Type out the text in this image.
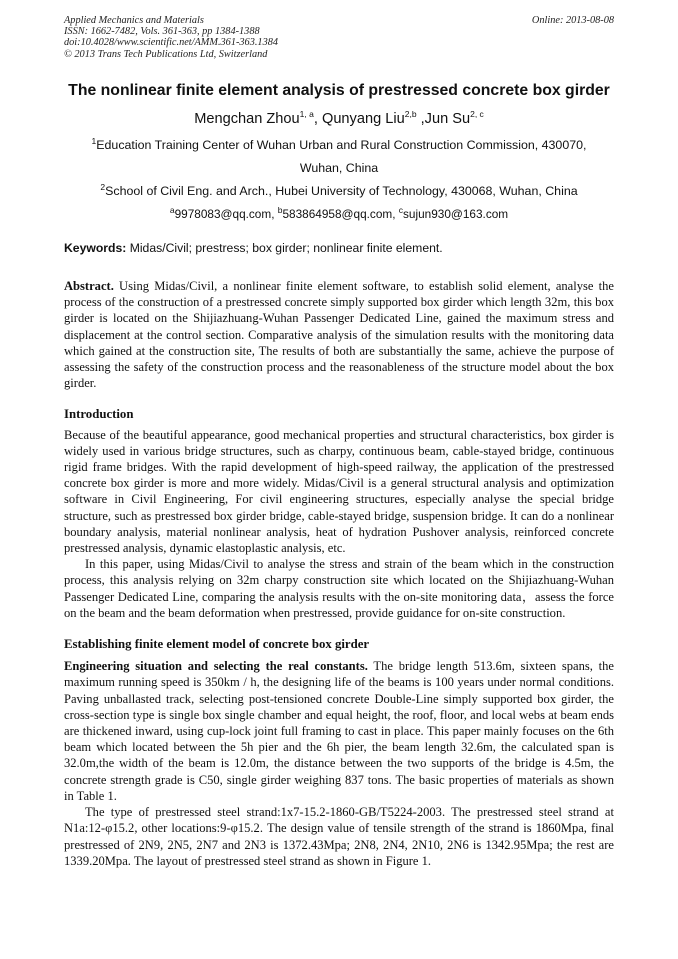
Applied Mechanics and Materials
ISSN: 1662-7482, Vols. 361-363, pp 1384-1388
doi:10.4028/www.scientific.net/AMM.361-363.1384
© 2013 Trans Tech Publications Ltd, Switzerland
Online: 2013-08-08
The nonlinear finite element analysis of prestressed concrete box girder
Mengchan Zhou$^{1, a}$, Qunyang Liu$^{2,b}$ ,Jun Su$^{2, c}$
$^1$Education Training Center of Wuhan Urban and Rural Construction Commission, 430070,
Wuhan, China
$^2$School of Civil Eng. and Arch., Hubei University of Technology, 430068, Wuhan, China
$^a$9978083@qq.com, $^b$583864958@qq.com, $^c$sujun930@163.com
Keywords: Midas/Civil; prestress; box girder; nonlinear finite element.
Abstract. Using Midas/Civil, a nonlinear finite element software, to establish solid element, analyse the process of the construction of a prestressed concrete simply supported box girder which length 32m, this box girder is located on the Shijiazhuang-Wuhan Passenger Dedicated Line, gained the maximum stress and displacement at the control section. Comparative analysis of the simulation results with the monitoring data which gained at the construction site, The results of both are substantially the same, achieve the purpose of assessing the safety of the construction process and the reasonableness of the structure model about the box girder.
Introduction

Because of the beautiful appearance, good mechanical properties and structural characteristics, box girder is widely used in various bridge structures, such as charpy, continuous beam, cable-stayed bridge, continuous rigid frame bridges. With the rapid development of high-speed railway, the application of the prestressed concrete box girder is more and more widely. Midas/Civil is a general structural analysis and optimization software in Civil Engineering, For civil engineering structures, especially analyse the special bridge structure, such as prestressed box girder bridge, cable-stayed bridge, suspension bridge. It can do a nonlinear boundary analysis, material nonlinear analysis, heat of hydration Pushover analysis, reinforced concrete prestressed analysis, dynamic elastoplastic analysis, etc.

In this paper, using Midas/Civil to analyse the stress and strain of the beam which in the construction process, this analysis relying on 32m charpy construction site which located on the Shijiazhuang-Wuhan Passenger Dedicated Line, comparing the analysis results with the on-site monitoring data，assess the force on the beam and the beam deformation when prestressed, provide guidance for on-site construction.

Establishing finite element model of concrete box girder

Engineering situation and selecting the real constants. The bridge length 513.6m, sixteen spans, the maximum running speed is 350km / h, the designing life of the beams is 100 years under normal conditions. Paving unballasted track, selecting post-tensioned concrete Double-Line simply supported box girder, the cross-section type is single box single chamber and equal height, the roof, floor, and local webs at beam ends are thickened inward, using cup-lock joint full framing to cast in place. This paper mainly focuses on the 6th beam which located between the 5h pier and the 6h pier, the beam length 32.6m, the calculated span is 32.0m,the width of the beam is 12.0m, the distance between the two supports of the bridge is 4.5m, the concrete strength grade is C50, single girder weighing 837 tons. The basic properties of materials as shown in Table 1.

The type of prestressed steel strand:1x7-15.2-1860-GB/T5224-2003. The prestressed steel strand at N1a:12-φ15.2, other locations:9-φ15.2. The design value of tensile strength of the strand is 1860Mpa, final prestressed of 2N9, 2N5, 2N7 and 2N3 is 1372.43Mpa; 2N8, 2N4, 2N10, 2N6 is 1342.95Mpa; the rest are 1339.20Mpa. The layout of prestressed steel strand as shown in Figure 1.
